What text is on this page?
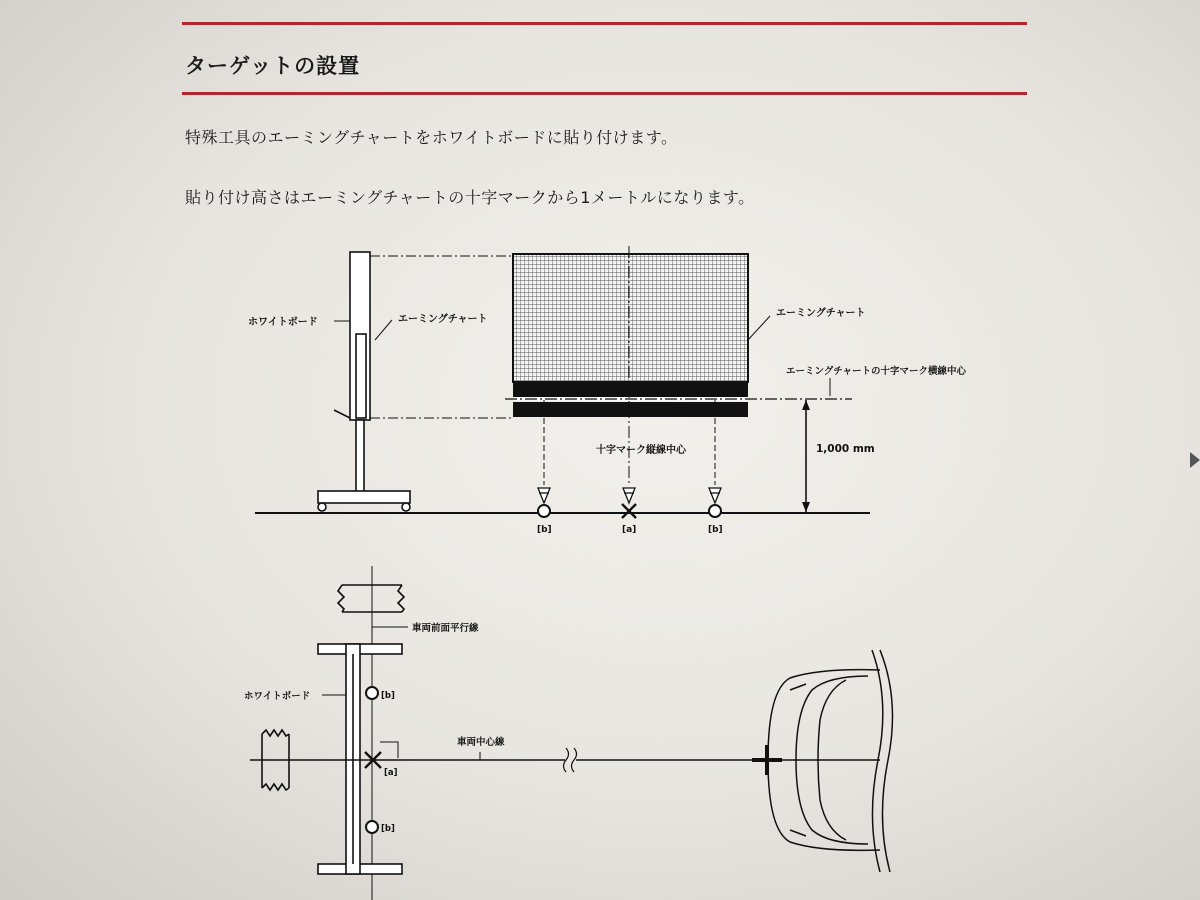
ターゲットの設置
特殊工具のエーミングチャートをホワイトボードに貼り付けます。
貼り付け高さはエーミングチャートの十字マークから1メートルになります。
ホワイトボード	エーミングチャート
エーミングチャート
エーミングチャートの十字マーク横線中心
十字マーク縦線中心	1,000 mm
[b]	[a]	[b]
車両前面平行線
ホワイトボード
車両中心線
[b]
[a]
[b]
